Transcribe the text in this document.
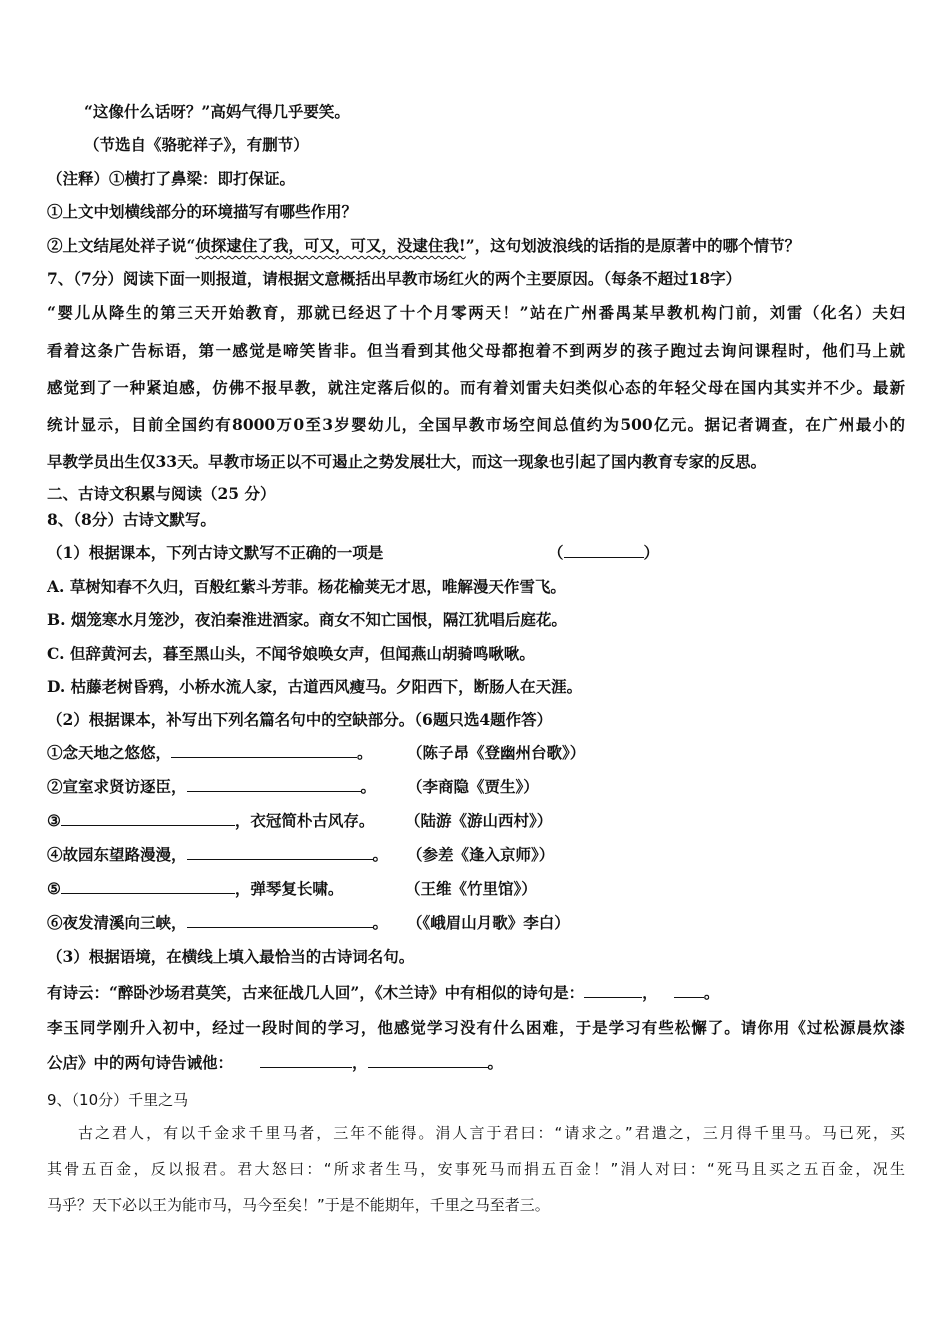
“这像什么话呀？”高妈气得几乎要笑。
（节选自《骆驼祥子》，有删节）
（注释）①横打了鼻梁：即打保证。
①上文中划横线部分的环境描写有哪些作用？
②上文结尾处祥子说“侦探逮住了我，可又，可又，没逮住我!”，这句划波浪线的话指的是原著中的哪个情节？
7、（7分）阅读下面一则报道，请根据文意概括出早教市场红火的两个主要原因。（每条不超过18字）
“婴儿从降生的第三天开始教育，那就已经迟了十个月零两天！”站在广州番禺某早教机构门前，刘雷（化名）夫妇
看着这条广告标语，第一感觉是啼笑皆非。但当看到其他父母都抱着不到两岁的孩子跑过去询问课程时，他们马上就
感觉到了一种紧迫感，仿佛不报早教，就注定落后似的。而有着刘雷夫妇类似心态的年轻父母在国内其实并不少。最新
统计显示，目前全国约有8000万0至3岁婴幼儿，全国早教市场空间总值约为500亿元。据记者调查，在广州最小的
早教学员出生仅33天。早教市场正以不可遏止之势发展壮大，而这一现象也引起了国内教育专家的反思。
二、古诗文积累与阅读（25 分）
8、（8分）古诗文默写。
（1）根据课本，下列古诗文默写不正确的一项是	（	）
A. 草树知春不久归，百般红紫斗芳菲。杨花榆荚无才思，唯解漫天作雪飞。
B. 烟笼寒水月笼沙，夜泊秦淮进酒家。商女不知亡国恨，隔江犹唱后庭花。
C. 但辞黄河去，暮至黑山头，不闻爷娘唤女声，但闻燕山胡骑鸣啾啾。
D. 枯藤老树昏鸦，小桥水流人家，古道西风瘦马。夕阳西下，断肠人在天涯。
（2）根据课本，补写出下列名篇名句中的空缺部分。（6题只选4题作答）
①念天地之悠悠，	。 （陈子昂《登幽州台歌》）
②宣室求贤访逐臣，	。 （李商隐《贾生》）
③	，衣冠简朴古风存。 （陆游《游山西村》）
④故园东望路漫漫，	。 （参差《逢入京师》）
⑤	，弹琴复长啸。	（王维《竹里馆》）
⑥夜发清溪向三峡，	。 （《峨眉山月歌》李白）
（3）根据语境，在横线上填入最恰当的古诗词名句。
有诗云：“醉卧沙场君莫笑，古来征战几人回”，《木兰诗》中有相似的诗句是：	，	。
李玉同学刚升入初中，经过一段时间的学习，他感觉学习没有什么困难，于是学习有些松懈了。请你用《过松源晨炊漆
公店》中的两句诗告诫他：	，	。
9、（10分）千里之马
古之君人，有以千金求千里马者，三年不能得。涓人言于君曰：“请求之。”君遣之，三月得千里马。马已死，买
其骨五百金，反以报君。君大怒曰：“所求者生马，安事死马而捐五百金！”涓人对曰：“死马且买之五百金，况生
马乎？天下必以王为能市马，马今至矣！”于是不能期年，千里之马至者三。
